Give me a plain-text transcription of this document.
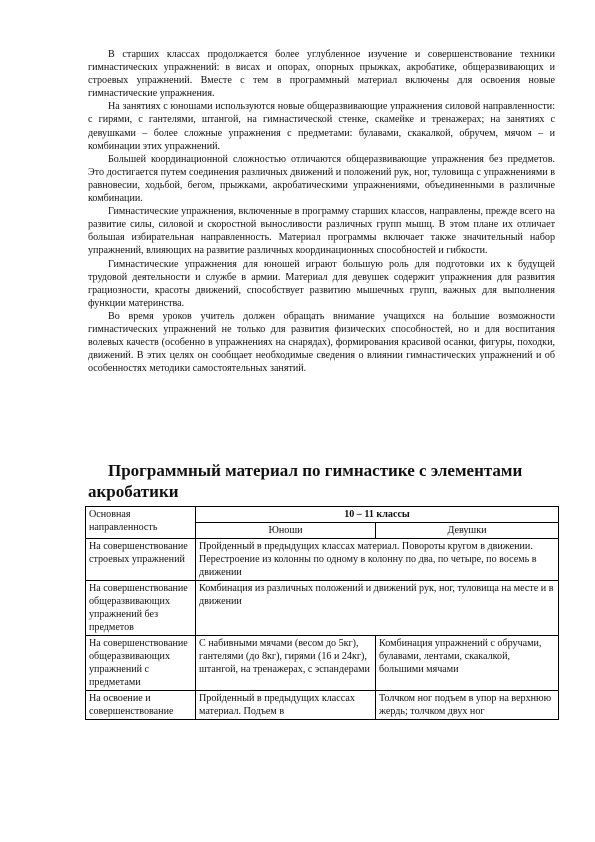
В старших классах продолжается более углубленное изучение и совершенствование техники гимнастических упражнений: в висах и опорах, опорных прыжках, акробатике, общеразвивающих и строевых упражнений. Вместе с тем в программный материал включены для освоения новые гимнастические упражнения.

На занятиях с юношами используются новые общеразвивающие упражнения силовой направленности: с гирями, с гантелями, штангой, на гимнастической стенке, скамейке и тренажерах; на занятиях с девушками – более сложные упражнения с предметами: булавами, скакалкой, обручем, мячом – и комбинации этих упражнений.

Большей координационной сложностью отличаются общеразвивающие упражнения без предметов. Это достигается путем соединения различных движений и положений рук, ног, туловища с упражнениями в равновесии, ходьбой, бегом, прыжками, акробатическими упражнениями, объединенными в различные комбинации.

Гимнастические упражнения, включенные в программу старших классов, направлены, прежде всего на развитие силы, силовой и скоростной выносливости различных групп мышц. В этом плане их отличает большая избирательная направленность. Материал программы включает также значительный набор упражнений, влияющих на развитие различных координационных способностей и гибкости.

Гимнастические упражнения для юношей играют большую роль для подготовки их к будущей трудовой деятельности и службе в армии. Материал для девушек содержит упражнения для развития грациозности, красоты движений, способствует развитию мышечных групп, важных для выполнения функции материнства.

Во время уроков учитель должен обращать внимание учащихся на большие возможности гимнастических упражнений не только для развития физических способностей, но и для воспитания волевых качеств (особенно в упражнениях на снарядах), формирования красивой осанки, фигуры, походки, движений. В этих целях он сообщает необходимые сведения о влиянии гимнастических упражнений и об особенностях методики самостоятельных занятий.

Программный материал по гимнастике с элементами акробатики
Основная направленность	10 – 11 классы	
	Юноши	Девушки
На совершенствование строевых упражнений	Пройденный в предыдущих классах материал. Повороты кругом в движении. Перестроение из колонны по одному в колонну по два, по четыре, по восемь в движении	
На совершенствование общеразвивающих упражнений без предметов	Комбинация из различных положений и движений рук, ног, туловища на месте и в движении	
На совершенствование общеразвивающих упражнений с предметами	С набивными мячами (весом до 5кг), гантелями (до 8кг), гирями (16 и 24кг), штангой, на тренажерах, с эспандерами	Комбинация упражнений с обручами, булавами, лентами, скакалкой, большими мячами
На освоение и совершенствование	Пройденный в предыдущих классах материал. Подъем в	Толчком ног подъем в упор на верхнюю жердь; толчком двух ног
